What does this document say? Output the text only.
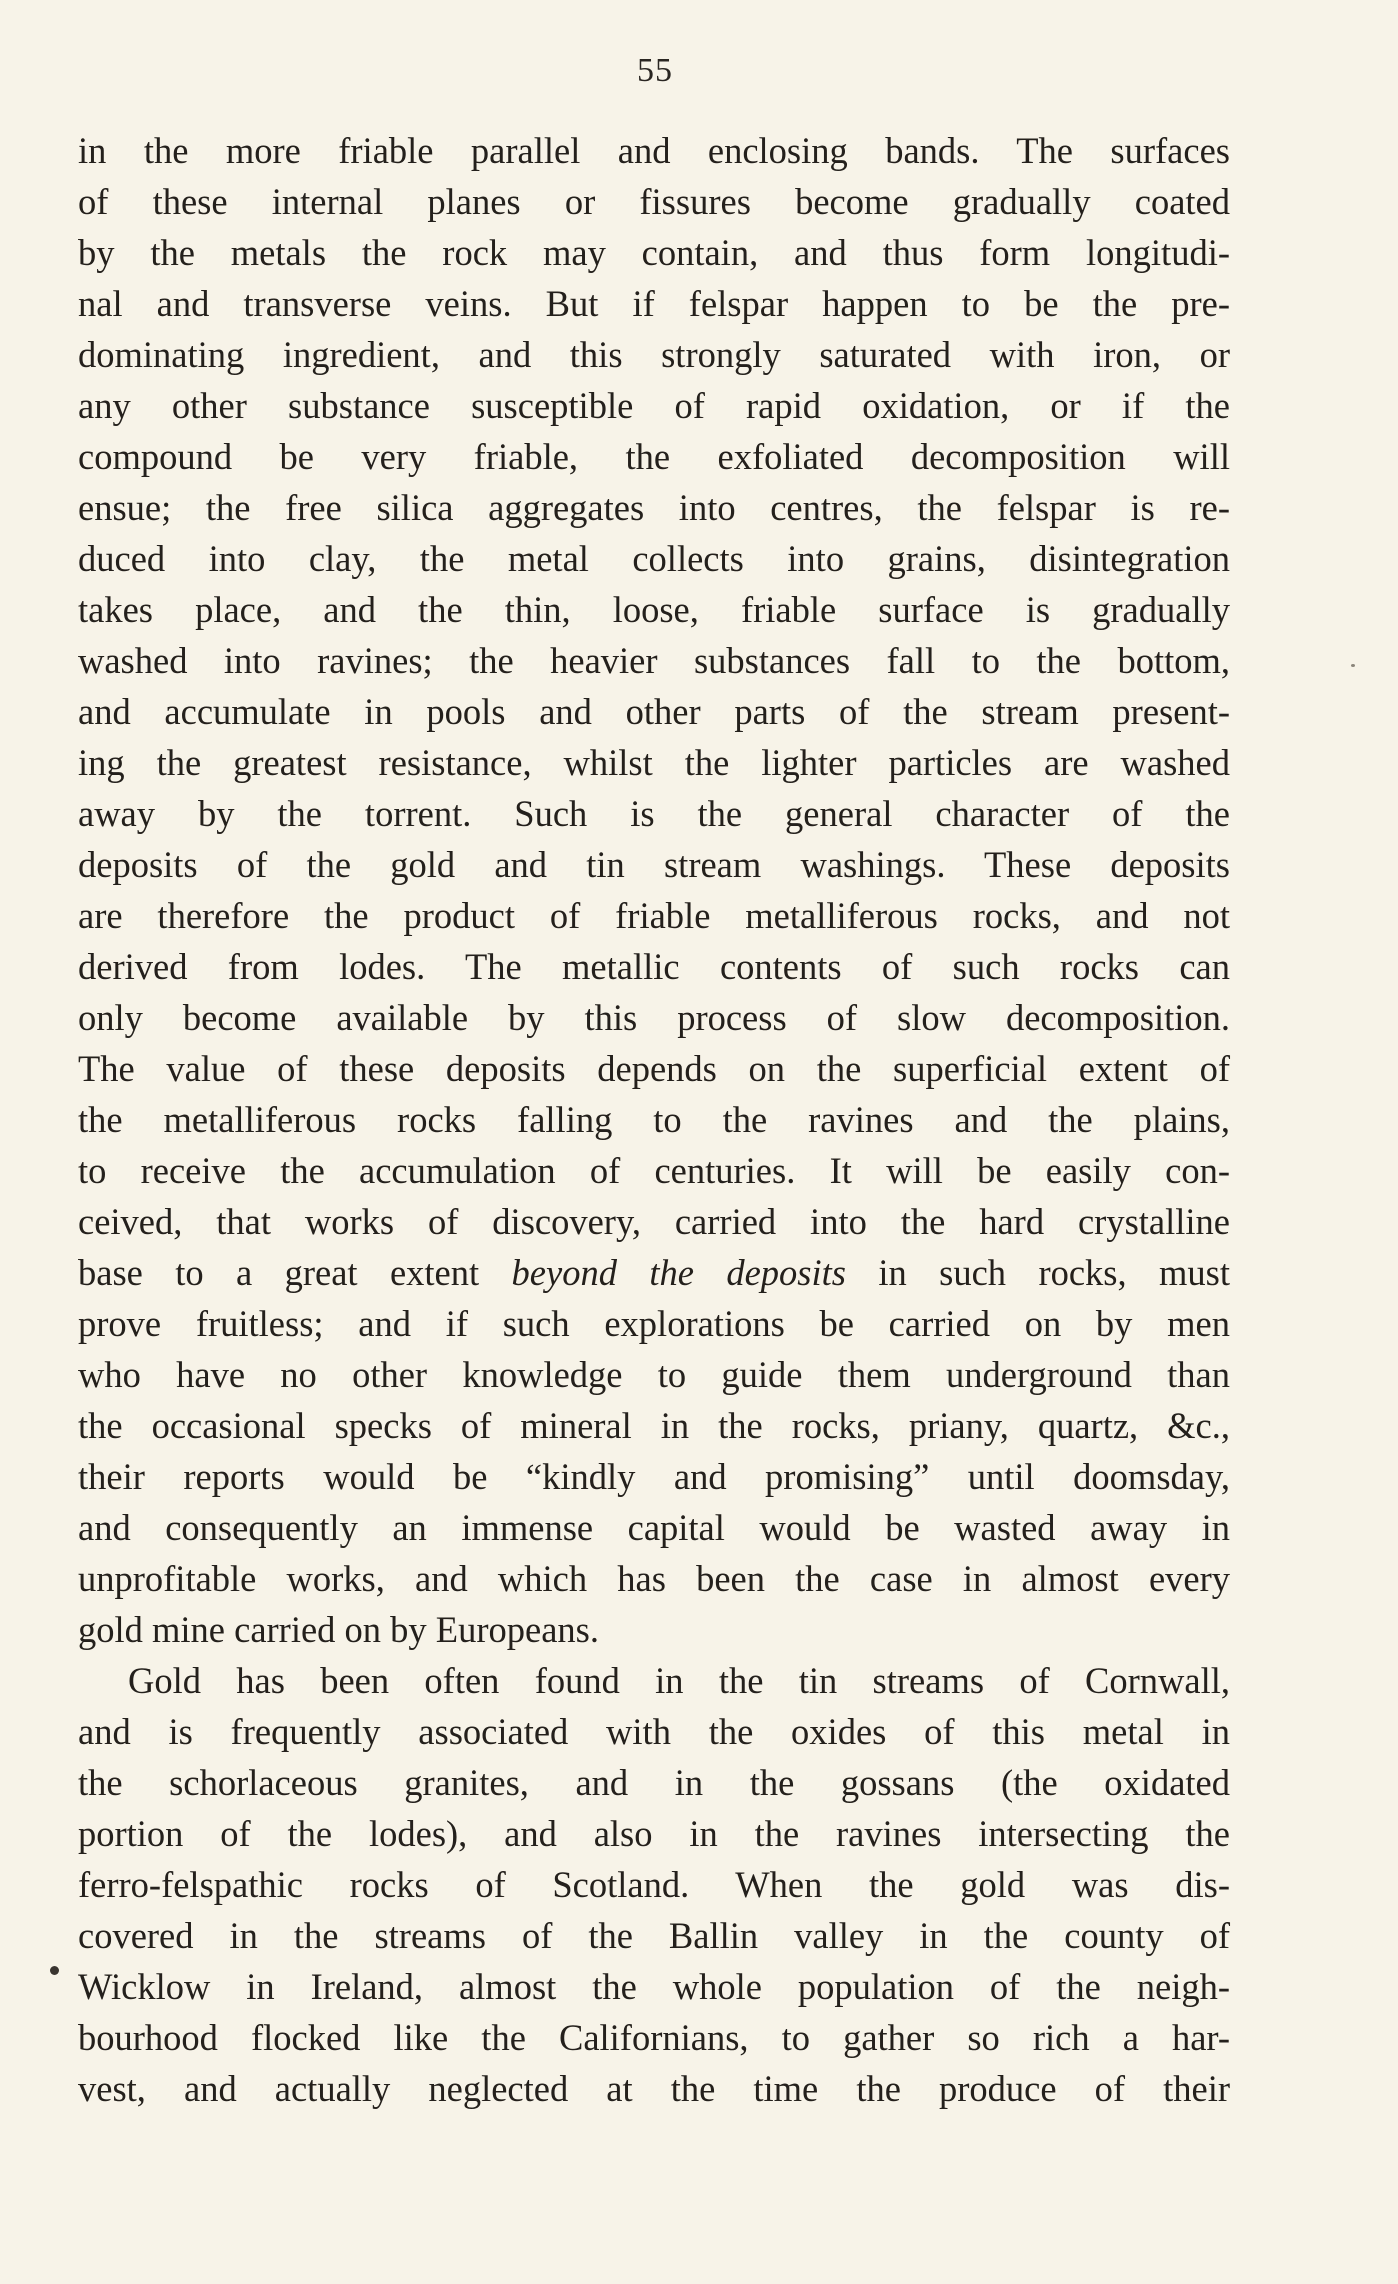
55
in the more friable parallel and enclosing bands. The surfaces
of these internal planes or fissures become gradually coated
by the metals the rock may contain, and thus form longitudi-
nal and transverse veins. But if felspar happen to be the pre-
dominating ingredient, and this strongly saturated with iron, or
any other substance susceptible of rapid oxidation, or if the
compound be very friable, the exfoliated decomposition will
ensue; the free silica aggregates into centres, the felspar is re-
duced into clay, the metal collects into grains, disintegration
takes place, and the thin, loose, friable surface is gradually
washed into ravines; the heavier substances fall to the bottom,
and accumulate in pools and other parts of the stream present-
ing the greatest resistance, whilst the lighter particles are washed
away by the torrent. Such is the general character of the
deposits of the gold and tin stream washings. These deposits
are therefore the product of friable metalliferous rocks, and not
derived from lodes. The metallic contents of such rocks can
only become available by this process of slow decomposition.
The value of these deposits depends on the superficial extent of
the metalliferous rocks falling to the ravines and the plains,
to receive the accumulation of centuries. It will be easily con-
ceived, that works of discovery, carried into the hard crystalline
base to a great extent beyond the deposits in such rocks, must
prove fruitless; and if such explorations be carried on by men
who have no other knowledge to guide them underground than
the occasional specks of mineral in the rocks, priany, quartz, &c.,
their reports would be “kindly and promising” until doomsday,
and consequently an immense capital would be wasted away in
unprofitable works, and which has been the case in almost every
gold mine carried on by Europeans.
Gold has been often found in the tin streams of Cornwall,
and is frequently associated with the oxides of this metal in
the schorlaceous granites, and in the gossans (the oxidated
portion of the lodes), and also in the ravines intersecting the
ferro-felspathic rocks of Scotland. When the gold was dis-
covered in the streams of the Ballin valley in the county of
Wicklow in Ireland, almost the whole population of the neigh-
bourhood flocked like the Californians, to gather so rich a har-
vest, and actually neglected at the time the produce of their
